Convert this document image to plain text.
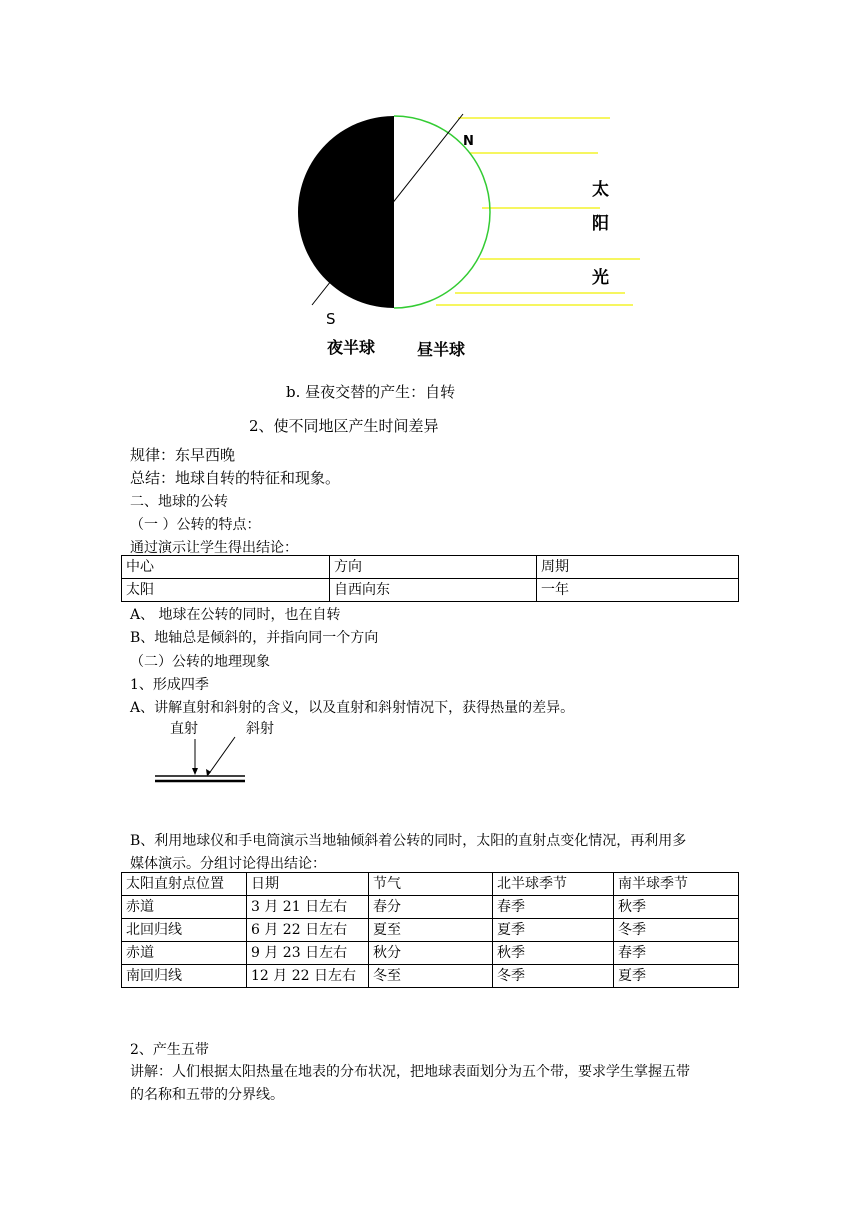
N
S
太
阳
光
夜半球	昼半球
b. 昼夜交替的产生：自转
2、使不同地区产生时间差异
规律：东早西晚
总结：地球自转的特征和现象。
二、地球的公转
（一 ）公转的特点：
通过演示让学生得出结论：
中心	方向	周期
太阳	自西向东	一年
A、 地球在公转的同时，也在自转
B、地轴总是倾斜的，并指向同一个方向
（二）公转的地理现象
1、形成四季
A、讲解直射和斜射的含义，以及直射和斜射情况下，获得热量的差异。
直射	斜射
B、利用地球仪和手电筒演示当地轴倾斜着公转的同时，太阳的直射点变化情况，再利用多
媒体演示。分组讨论得出结论：
太阳直射点位置	日期	节气	北半球季节	南半球季节
赤道	3 月 21 日左右	春分	春季	秋季
北回归线	6 月 22 日左右	夏至	夏季	冬季
赤道	9 月 23 日左右	秋分	秋季	春季
南回归线	12 月 22 日左右	冬至	冬季	夏季
2、产生五带
讲解：人们根据太阳热量在地表的分布状况，把地球表面划分为五个带，要求学生掌握五带
的名称和五带的分界线。
